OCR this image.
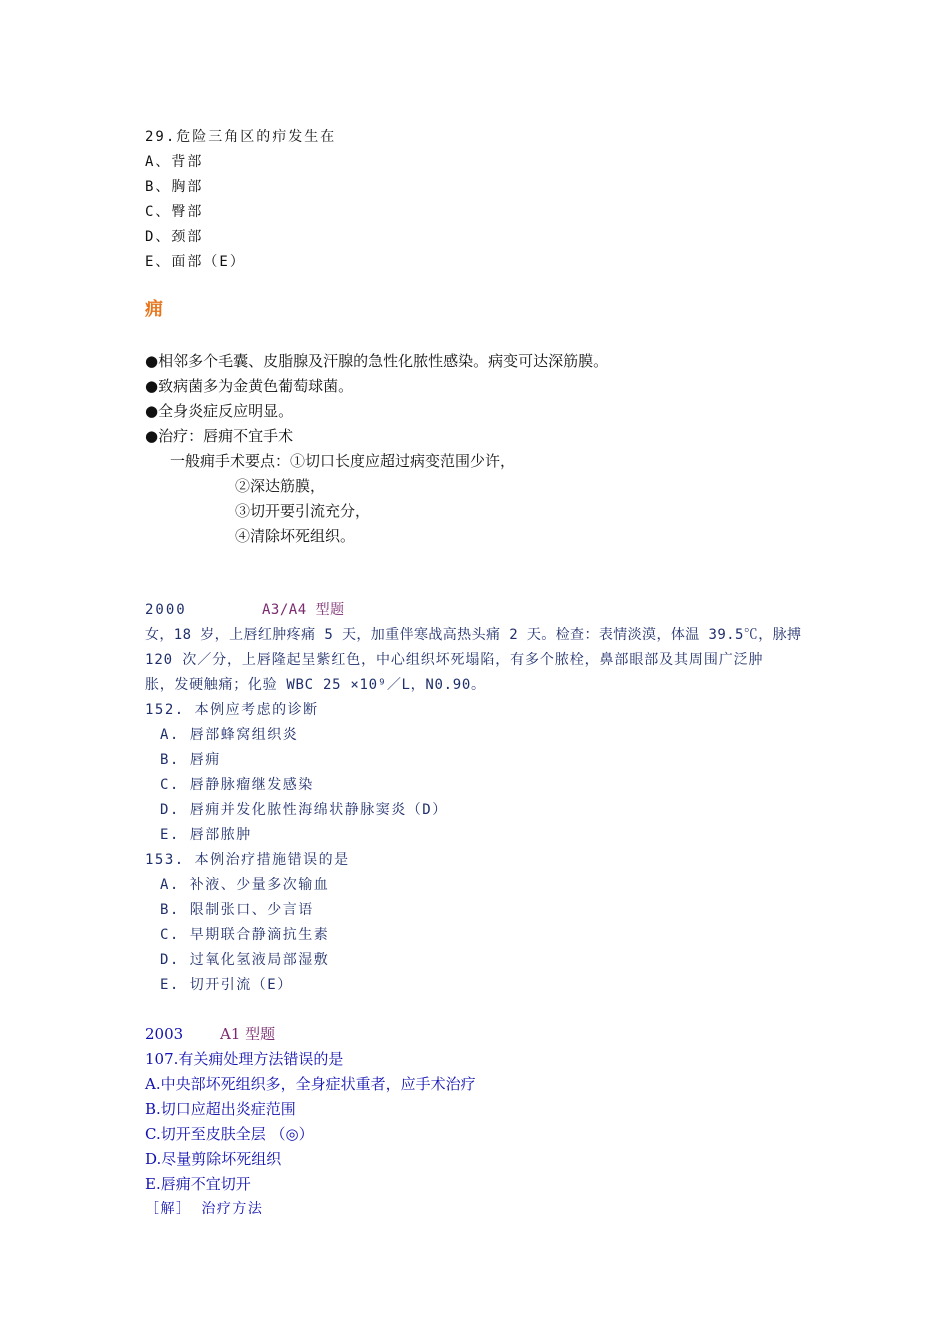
29.危险三角区的疖发生在
A、背部
B、胸部
C、臀部
D、颈部
E、面部（E）
痈
●相邻多个毛囊、皮脂腺及汗腺的急性化脓性感染。病变可达深筋膜。
●致病菌多为金黄色葡萄球菌。
●全身炎症反应明显。
●治疗：唇痈不宜手术
一般痈手术要点：①切口长度应超过病变范围少许，
②深达筋膜，
③切开要引流充分，
④清除坏死组织。
2000	A3/A4 型题
女，18 岁，上唇红肿疼痛 5 天，加重伴寒战高热头痛 2 天。检查：表情淡漠，体温 39.5℃，脉搏
120 次／分，上唇隆起呈紫红色，中心组织坏死塌陷，有多个脓栓，鼻部眼部及其周围广泛肿
胀，发硬触痛；化验 WBC 25 ×10⁹／L，N0.90。
152. 本例应考虑的诊断
A. 唇部蜂窝组织炎
B. 唇痈
C. 唇静脉瘤继发感染
D. 唇痈并发化脓性海绵状静脉窦炎（D）
E. 唇部脓肿
153. 本例治疗措施错误的是
A. 补液、少量多次输血
B. 限制张口、少言语
C. 早期联合静滴抗生素
D. 过氧化氢液局部湿敷
E. 切开引流（E）
2003 A1 型题
107.有关痈处理方法错误的是
A.中央部坏死组织多，全身症状重者，应手术治疗
B.切口应超出炎症范围
C.切开至皮肤全层 （◎）
D.尽量剪除坏死组织
E.唇痈不宜切开
［解］ 治疗方法
